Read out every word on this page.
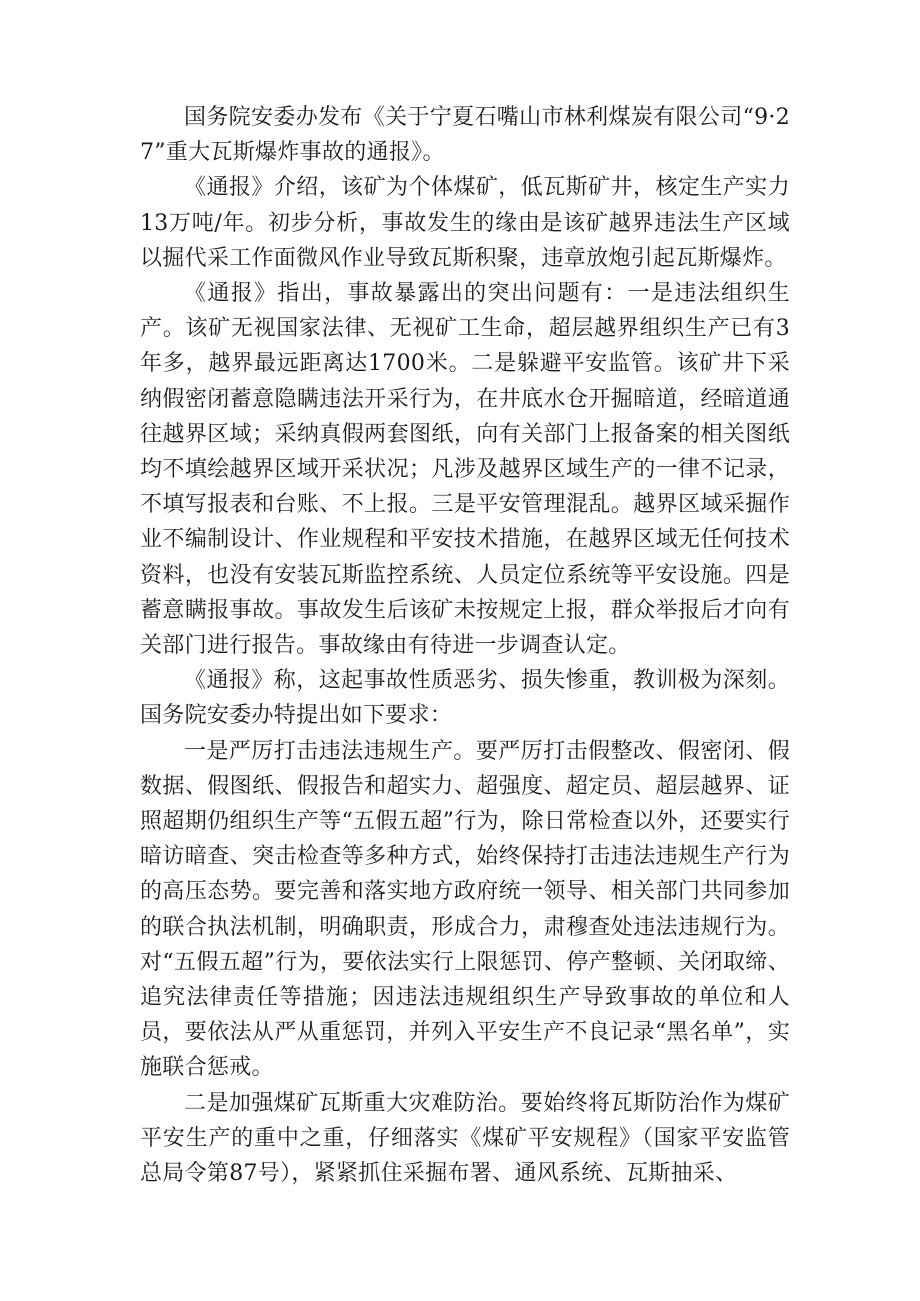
国务院安委办发布《关于宁夏石嘴山市林利煤炭有限公司“9·27”重大瓦斯爆炸事故的通报》。

《通报》介绍，该矿为个体煤矿，低瓦斯矿井，核定生产实力13万吨/年。初步分析，事故发生的缘由是该矿越界违法生产区域以掘代采工作面微风作业导致瓦斯积聚，违章放炮引起瓦斯爆炸。

《通报》指出，事故暴露出的突出问题有：一是违法组织生产。该矿无视国家法律、无视矿工生命，超层越界组织生产已有3年多，越界最远距离达1700米。二是躲避平安监管。该矿井下采纳假密闭蓄意隐瞒违法开采行为，在井底水仓开掘暗道，经暗道通往越界区域；采纳真假两套图纸，向有关部门上报备案的相关图纸均不填绘越界区域开采状况；凡涉及越界区域生产的一律不记录，不填写报表和台账、不上报。三是平安管理混乱。越界区域采掘作业不编制设计、作业规程和平安技术措施，在越界区域无任何技术资料，也没有安装瓦斯监控系统、人员定位系统等平安设施。四是蓄意瞒报事故。事故发生后该矿未按规定上报，群众举报后才向有关部门进行报告。事故缘由有待进一步调查认定。

《通报》称，这起事故性质恶劣、损失惨重，教训极为深刻。国务院安委办特提出如下要求：

一是严厉打击违法违规生产。要严厉打击假整改、假密闭、假数据、假图纸、假报告和超实力、超强度、超定员、超层越界、证照超期仍组织生产等“五假五超”行为，除日常检查以外，还要实行暗访暗查、突击检查等多种方式，始终保持打击违法违规生产行为的高压态势。要完善和落实地方政府统一领导、相关部门共同参加的联合执法机制，明确职责，形成合力，肃穆查处违法违规行为。对“五假五超”行为，要依法实行上限惩罚、停产整顿、关闭取缔、追究法律责任等措施；因违法违规组织生产导致事故的单位和人员，要依法从严从重惩罚，并列入平安生产不良记录“黑名单”，实施联合惩戒。

二是加强煤矿瓦斯重大灾难防治。要始终将瓦斯防治作为煤矿平安生产的重中之重，仔细落实《煤矿平安规程》（国家平安监管总局令第87号），紧紧抓住采掘布署、通风系统、瓦斯抽采、
